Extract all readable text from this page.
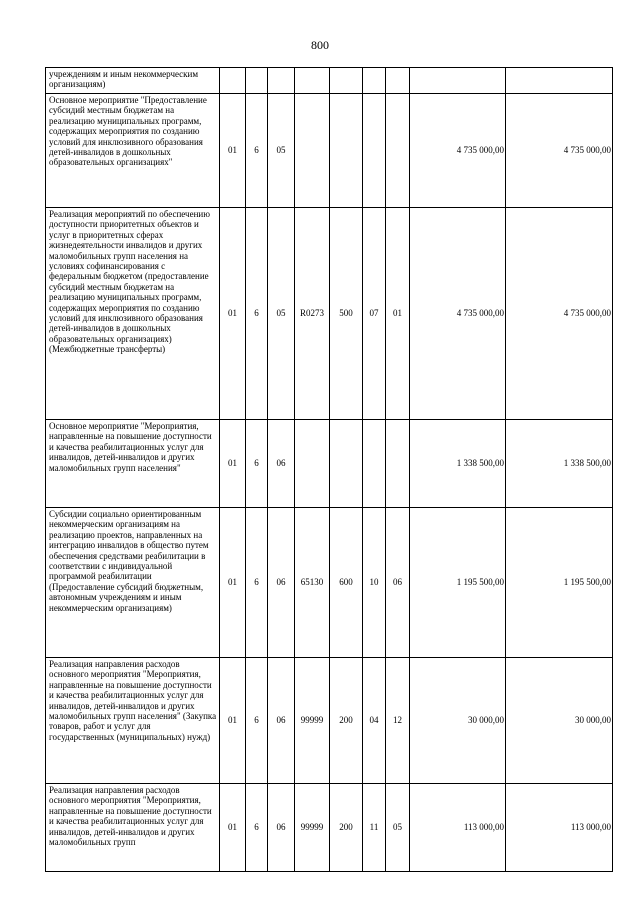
800
учреждениям и иным некоммерческим организациям)									
Основное мероприятие "Предоставление субсидий местным бюджетам на реализацию муниципальных программ, содержащих мероприятия по созданию условий для инклюзивного образования детей-инвалидов в дошкольных образовательных организациях"	01	6	05					4 735 000,00	4 735 000,00
Реализация мероприятий по обеспечению доступности приоритетных объектов и услуг в приоритетных сферах жизнедеятельности инвалидов и других маломобильных групп населения на условиях софинансирования с федеральным бюджетом (предоставление субсидий местным бюджетам на реализацию муниципальных программ, содержащих мероприятия по созданию условий для инклюзивного образования детей-инвалидов в дошкольных образовательных организациях) (Межбюджетные трансферты)	01	6	05	R0273	500	07	01	4 735 000,00	4 735 000,00
Основное мероприятие "Мероприятия, направленные на повышение доступности и качества реабилитационных услуг для инвалидов, детей-инвалидов и других маломобильных групп населения"	01	6	06					1 338 500,00	1 338 500,00
Субсидии социально ориентированным некоммерческим организациям на реализацию проектов, направленных на интеграцию инвалидов в общество путем обеспечения средствами реабилитации в соответствии с индивидуальной программой реабилитации (Предоставление субсидий бюджетным, автономным учреждениям и иным некоммерческим организациям)	01	6	06	65130	600	10	06	1 195 500,00	1 195 500,00
Реализация направления расходов основного мероприятия "Мероприятия, направленные на повышение доступности и качества реабилитационных услуг для инвалидов, детей-инвалидов и других маломобильных групп населения" (Закупка товаров, работ и услуг для государственных (муниципальных) нужд)	01	6	06	99999	200	04	12	30 000,00	30 000,00
Реализация направления расходов основного мероприятия "Мероприятия, направленные на повышение доступности и качества реабилитационных услуг для инвалидов, детей-инвалидов и других маломобильных групп	01	6	06	99999	200	11	05	113 000,00	113 000,00
